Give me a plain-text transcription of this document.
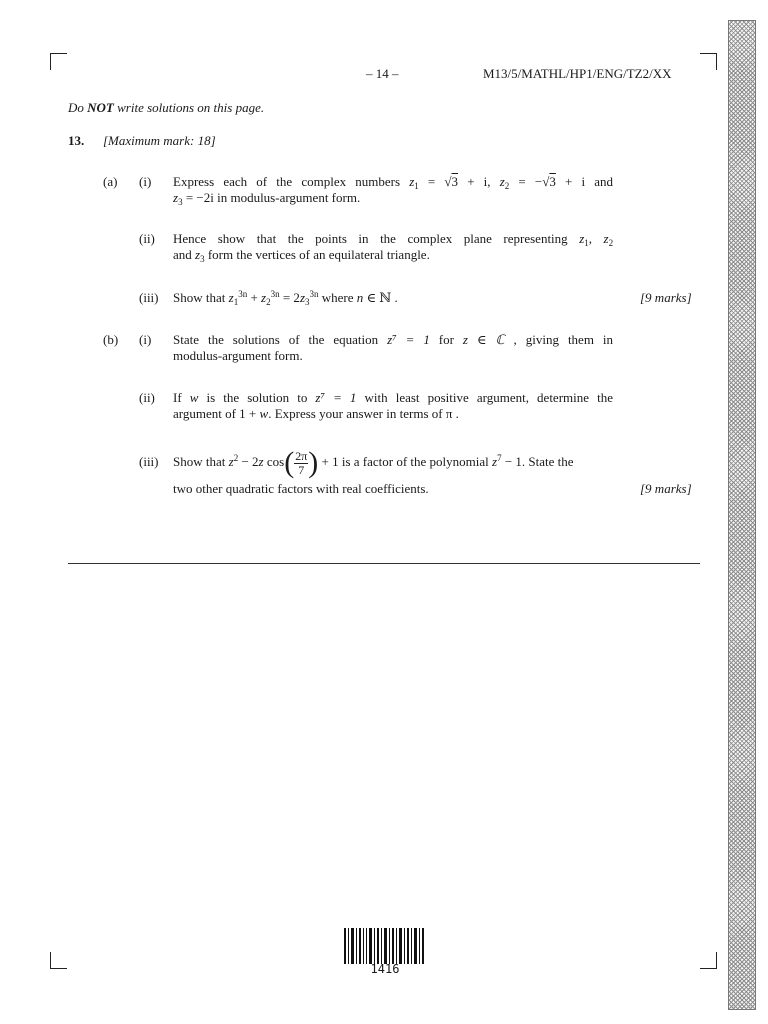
– 14 –	M13/5/MATHL/HP1/ENG/TZ2/XX
Do NOT write solutions on this page.
13. [Maximum mark: 18]
(a) (i) Express each of the complex numbers $z_1 = √3 + i$, $z_2 = -√3 + i$ and
$z_3 = -2i$ in modulus-argument form.
(ii) Hence show that the points in the complex plane representing $z_1$, $z_2$
and $z_3$ form the vertices of an equilateral triangle.
(iii) Show that $z_1^{3n} + z_2^{3n} = 2z_3^{3n}$ where n ∈ ℕ .	[9 marks]
(b) (i) State the solutions of the equation z⁷ = 1 for z ∈ ℂ , giving them in
modulus-argument form.
(ii) If w is the solution to z⁷ = 1 with least positive argument, determine the
argument of 1 + w. Express your answer in terms of π .
(iii) Show that $z^2 - 2z$ $\cos( \frac{2\pi}{7}$ ) + 1 is a factor of the polynomial $z^7 - 1$. State the
two other quadratic factors with real coefficients.	[9 marks]
1416
